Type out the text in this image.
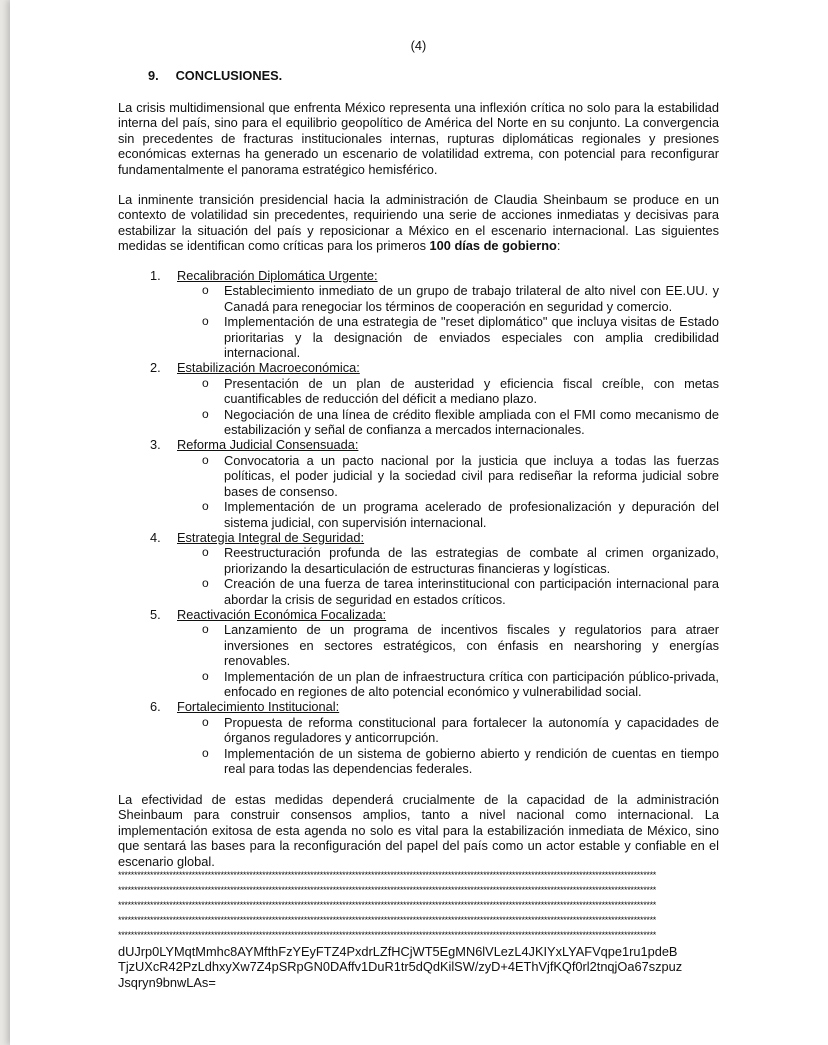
(4)
9. CONCLUSIONES.

La crisis multidimensional que enfrenta México representa una inflexión crítica no solo para la estabilidad interna del país, sino para el equilibrio geopolítico de América del Norte en su conjunto. La convergencia sin precedentes de fracturas institucionales internas, rupturas diplomáticas regionales y presiones económicas externas ha generado un escenario de volatilidad extrema, con potencial para reconfigurar fundamentalmente el panorama estratégico hemisférico.

La inminente transición presidencial hacia la administración de Claudia Sheinbaum se produce en un contexto de volatilidad sin precedentes, requiriendo una serie de acciones inmediatas y decisivas para estabilizar la situación del país y reposicionar a México en el escenario internacional. Las siguientes medidas se identifican como críticas para los primeros 100 días de gobierno:

1. Recalibración Diplomática Urgente:
o Establecimiento inmediato de un grupo de trabajo trilateral de alto nivel con EE.UU. y Canadá para renegociar los términos de cooperación en seguridad y comercio.
o Implementación de una estrategia de "reset diplomático" que incluya visitas de Estado prioritarias y la designación de enviados especiales con amplia credibilidad internacional.
2. Estabilización Macroeconómica:
o Presentación de un plan de austeridad y eficiencia fiscal creíble, con metas cuantificables de reducción del déficit a mediano plazo.
o Negociación de una línea de crédito flexible ampliada con el FMI como mecanismo de estabilización y señal de confianza a mercados internacionales.
3. Reforma Judicial Consensuada:
o Convocatoria a un pacto nacional por la justicia que incluya a todas las fuerzas políticas, el poder judicial y la sociedad civil para rediseñar la reforma judicial sobre bases de consenso.
o Implementación de un programa acelerado de profesionalización y depuración del sistema judicial, con supervisión internacional.
4. Estrategia Integral de Seguridad:
o Reestructuración profunda de las estrategias de combate al crimen organizado, priorizando la desarticulación de estructuras financieras y logísticas.
o Creación de una fuerza de tarea interinstitucional con participación internacional para abordar la crisis de seguridad en estados críticos.
5. Reactivación Económica Focalizada:
o Lanzamiento de un programa de incentivos fiscales y regulatorios para atraer inversiones en sectores estratégicos, con énfasis en nearshoring y energías renovables.
o Implementación de un plan de infraestructura crítica con participación público-privada, enfocado en regiones de alto potencial económico y vulnerabilidad social.
6. Fortalecimiento Institucional:
o Propuesta de reforma constitucional para fortalecer la autonomía y capacidades de órganos reguladores y anticorrupción.
o Implementación de un sistema de gobierno abierto y rendición de cuentas en tiempo real para todas las dependencias federales.

La efectividad de estas medidas dependerá crucialmente de la capacidad de la administración Sheinbaum para construir consensos amplios, tanto a nivel nacional como internacional. La implementación exitosa de esta agenda no solo es vital para la estabilización inmediata de México, sino que sentará las bases para la reconfiguración del papel del país como un actor estable y confiable en el escenario global.

************************************************************************************************************************************************************************
************************************************************************************************************************************************************************
************************************************************************************************************************************************************************
************************************************************************************************************************************************************************
************************************************************************************************************************************************************************
dUJrp0LYMqtMmhc8AYMfthFzYEyFTZ4PxdrLZfHCjWT5EgMN6lVLezL4JKIYxLYAFVqpe1ru1pdeB
TjzUXcR42PzLdhxyXw7Z4pSRpGN0DAffv1DuR1tr5dQdKilSW/zyD+4EThVjfKQf0rl2tnqjOa67szpuz
Jsqryn9bnwLAs=
